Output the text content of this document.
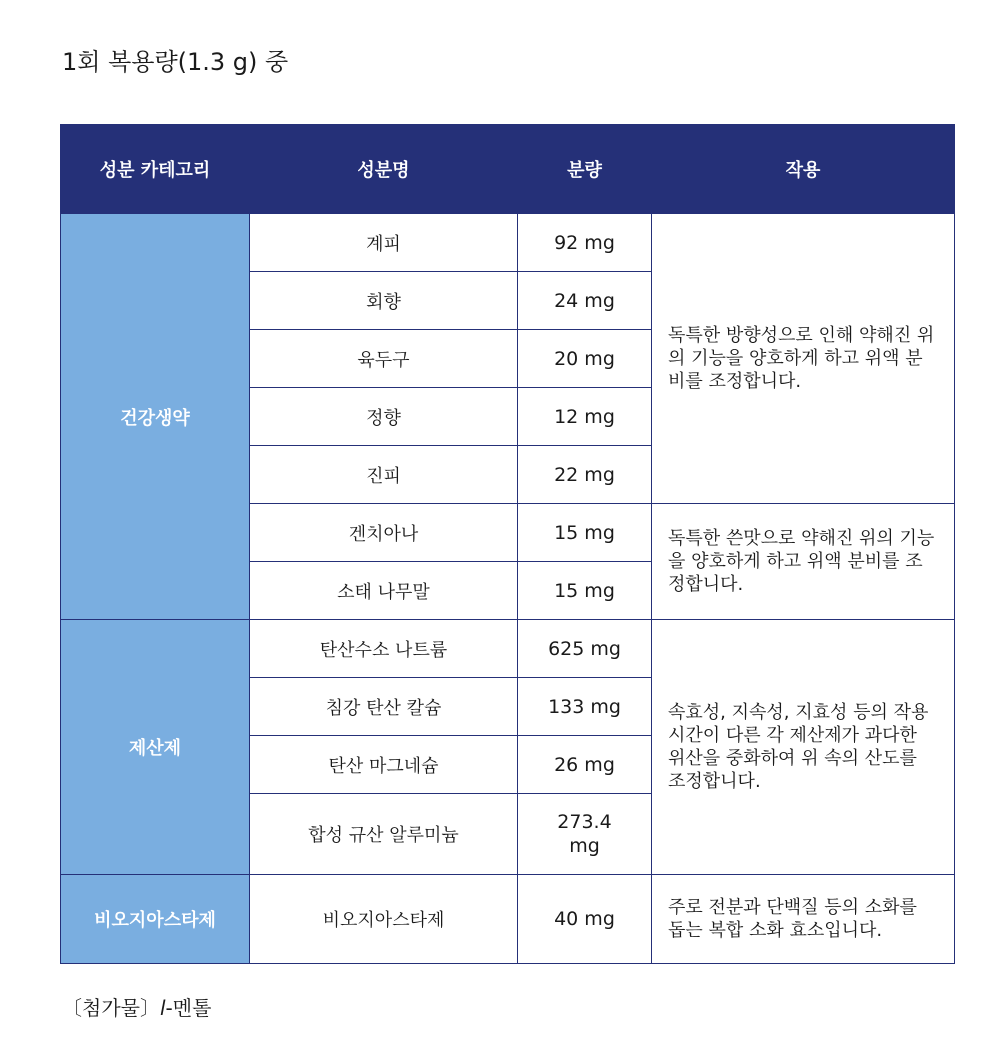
1회 복용량(1.3 g) 중
성분 카테고리	성분명	분량	작용
건강생약	계피	92 mg	독특한 방향성으로 인해 약해진 위의 기능을 양호하게 하고 위액 분비를 조정합니다.
	회향	24 mg	
	육두구	20 mg	
	정향	12 mg	
	진피	22 mg	
	겐치아나	15 mg	독특한 쓴맛으로 약해진 위의 기능을 양호하게 하고 위액 분비를 조정합니다.
	소태 나무말	15 mg	
제산제	탄산수소 나트륨	625 mg	속효성, 지속성, 지효성 등의 작용 시간이 다른 각 제산제가 과다한 위산을 중화하여 위 속의 산도를 조정합니다.
	침강 탄산 칼슘	133 mg	
	탄산 마그네슘	26 mg	
	합성 규산 알루미늄	273.4 mg	
비오지아스타제	비오지아스타제	40 mg	주로 전분과 단백질 등의 소화를 돕는 복합 소화 효소입니다.
〔첨가물〕l-멘톨
